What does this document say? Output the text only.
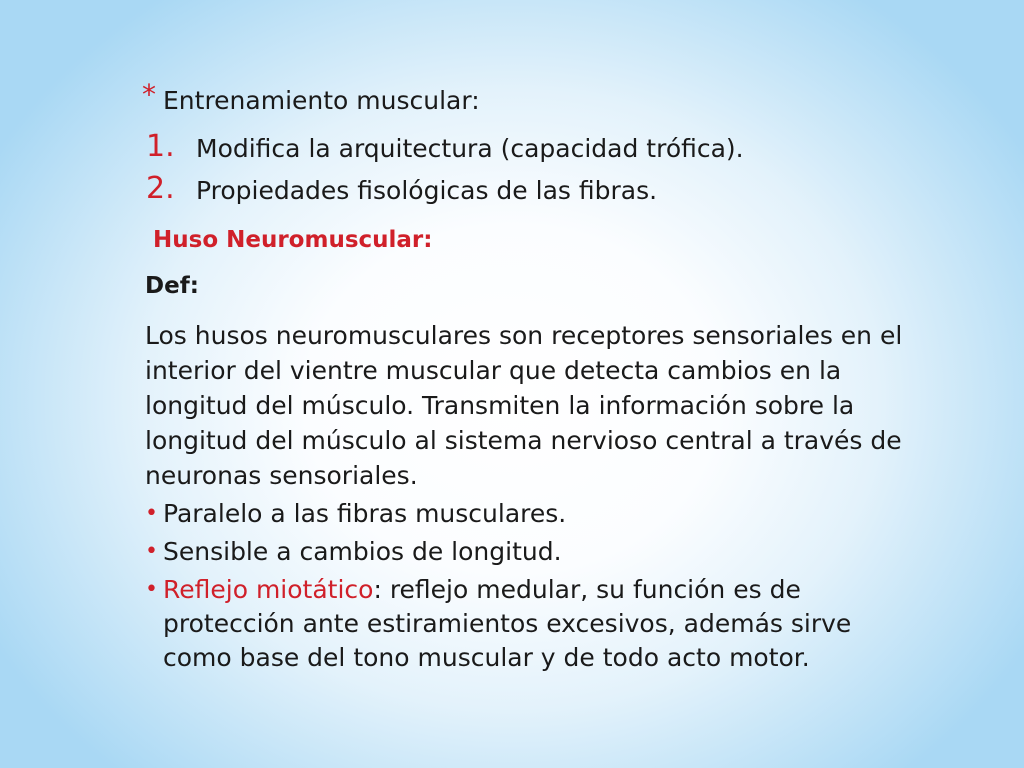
* Entrenamiento muscular:
1. Modifica la arquitectura (capacidad trófica).
2. Propiedades fisológicas de las fibras.
Huso Neuromuscular:
Def:
Los husos neuromusculares son receptores sensoriales en el interior del vientre muscular que detecta cambios en la longitud del músculo. Transmiten la información sobre la longitud del músculo al sistema nervioso central a través de neuronas sensoriales.
• Paralelo a las fibras musculares.
• Sensible a cambios de longitud.
• Reflejo miotático: reflejo medular, su función es de protección ante estiramientos excesivos, además sirve como base del tono muscular y de todo acto motor.
